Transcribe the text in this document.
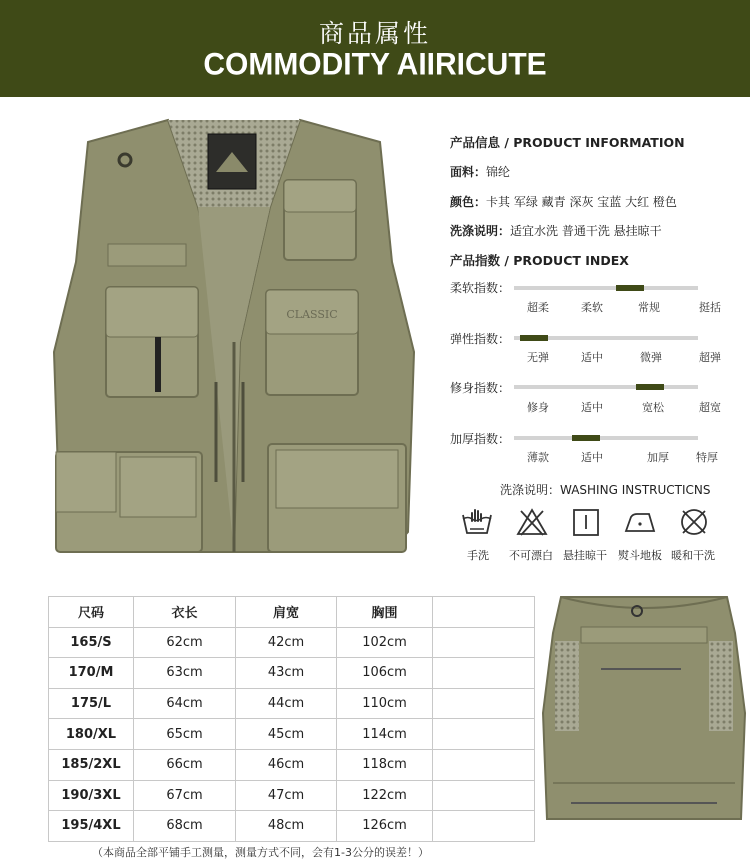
商品属性
COMMODITY AIIRICUTE
CLASSIC
产品信息 / PRODUCT INFORMATION
面料：锦纶
颜色：卡其 军绿 藏青 深灰 宝蓝 大红 橙色
洗涤说明：适宜水洗 普通干洗 悬挂晾干
产品指数 / PRODUCT INDEX
柔软指数：
超柔	柔软	常规	挺括
弹性指数：
无弹	适中	微弹	超弹
修身指数：
修身	适中	宽松	超宽
加厚指数：
薄款	适中	加厚 特厚
洗涤说明：WASHING INSTRUCTICNS
手洗 不可漂白 悬挂晾干 熨斗地板 暖和干洗
尺码	衣长	肩宽	胸围	
165/S	62cm	42cm	102cm	
170/M	63cm	43cm	106cm	
175/L	64cm	44cm	110cm	
180/XL	65cm	45cm	114cm	
185/2XL	66cm	46cm	118cm	
190/3XL	67cm	47cm	122cm	
195/4XL	68cm	48cm	126cm	
（本商品全部平铺手工测量，测量方式不同，会有1-3公分的误差！）
